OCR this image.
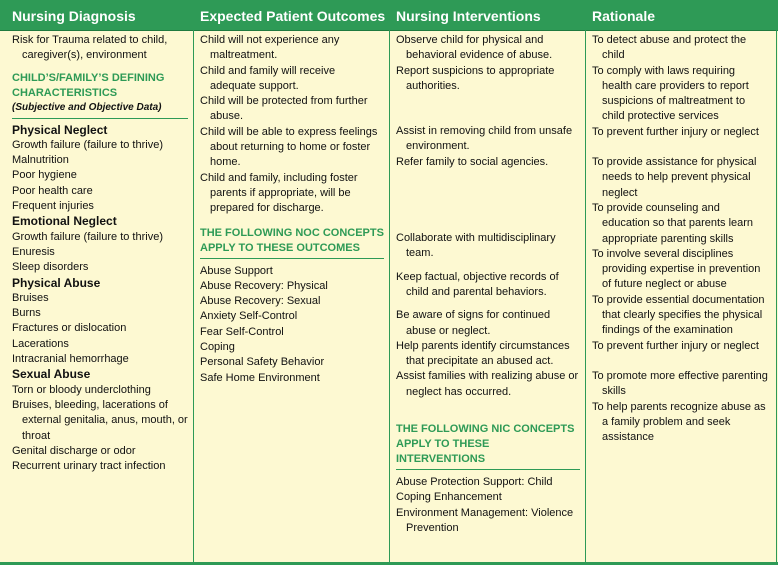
Nursing Diagnosis	Expected Patient Outcomes Nursing Interventions	Rationale
Risk for Trauma related to child, caregiver(s), environment
CHILD’S/FAMILY’S DEFINING CHARACTERISTICS
(Subjective and Objective Data)
Physical Neglect
Growth failure (failure to thrive)
Malnutrition
Poor hygiene
Poor health care
Frequent injuries
Emotional Neglect
Growth failure (failure to thrive)
Enuresis
Sleep disorders
Physical Abuse
Bruises
Burns
Fractures or dislocation
Lacerations
Intracranial hemorrhage
Sexual Abuse
Torn or bloody underclothing
Bruises, bleeding, lacerations of external genitalia, anus, mouth, or throat
Genital discharge or odor
Recurrent urinary tract infection
Child will not experience any maltreatment.
Child and family will receive adequate support.
Child will be protected from further abuse.
Child will be able to express feelings about returning to home or foster home.
Child and family, including foster parents if appropriate, will be prepared for discharge.
THE FOLLOWING NOC CONCEPTS APPLY TO THESE OUTCOMES
Abuse Support
Abuse Recovery: Physical
Abuse Recovery: Sexual
Anxiety Self-Control
Fear Self-Control
Coping
Personal Safety Behavior
Safe Home Environment
Observe child for physical and behavioral evidence of abuse.
Report suspicions to appropriate authorities.
Assist in removing child from unsafe environment.
Refer family to social agencies.
Collaborate with multidisciplinary team.
Keep factual, objective records of child and parental behaviors.
Be aware of signs for continued abuse or neglect.
Help parents identify circumstances that precipitate an abused act.
Assist families with realizing abuse or neglect has occurred.
THE FOLLOWING NIC CONCEPTS APPLY TO THESE INTERVENTIONS
Abuse Protection Support: Child
Coping Enhancement
Environment Management: Violence Prevention
To detect abuse and protect the child
To comply with laws requiring health care providers to report suspicions of maltreatment to child protective services
To prevent further injury or neglect
To provide assistance for physical needs to help prevent physical neglect
To provide counseling and education so that parents learn appropriate parenting skills
To involve several disciplines providing expertise in prevention of future neglect or abuse
To provide essential documentation that clearly specifies the physical findings of the examination
To prevent further injury or neglect
To promote more effective parenting skills
To help parents recognize abuse as a family problem and seek assistance
